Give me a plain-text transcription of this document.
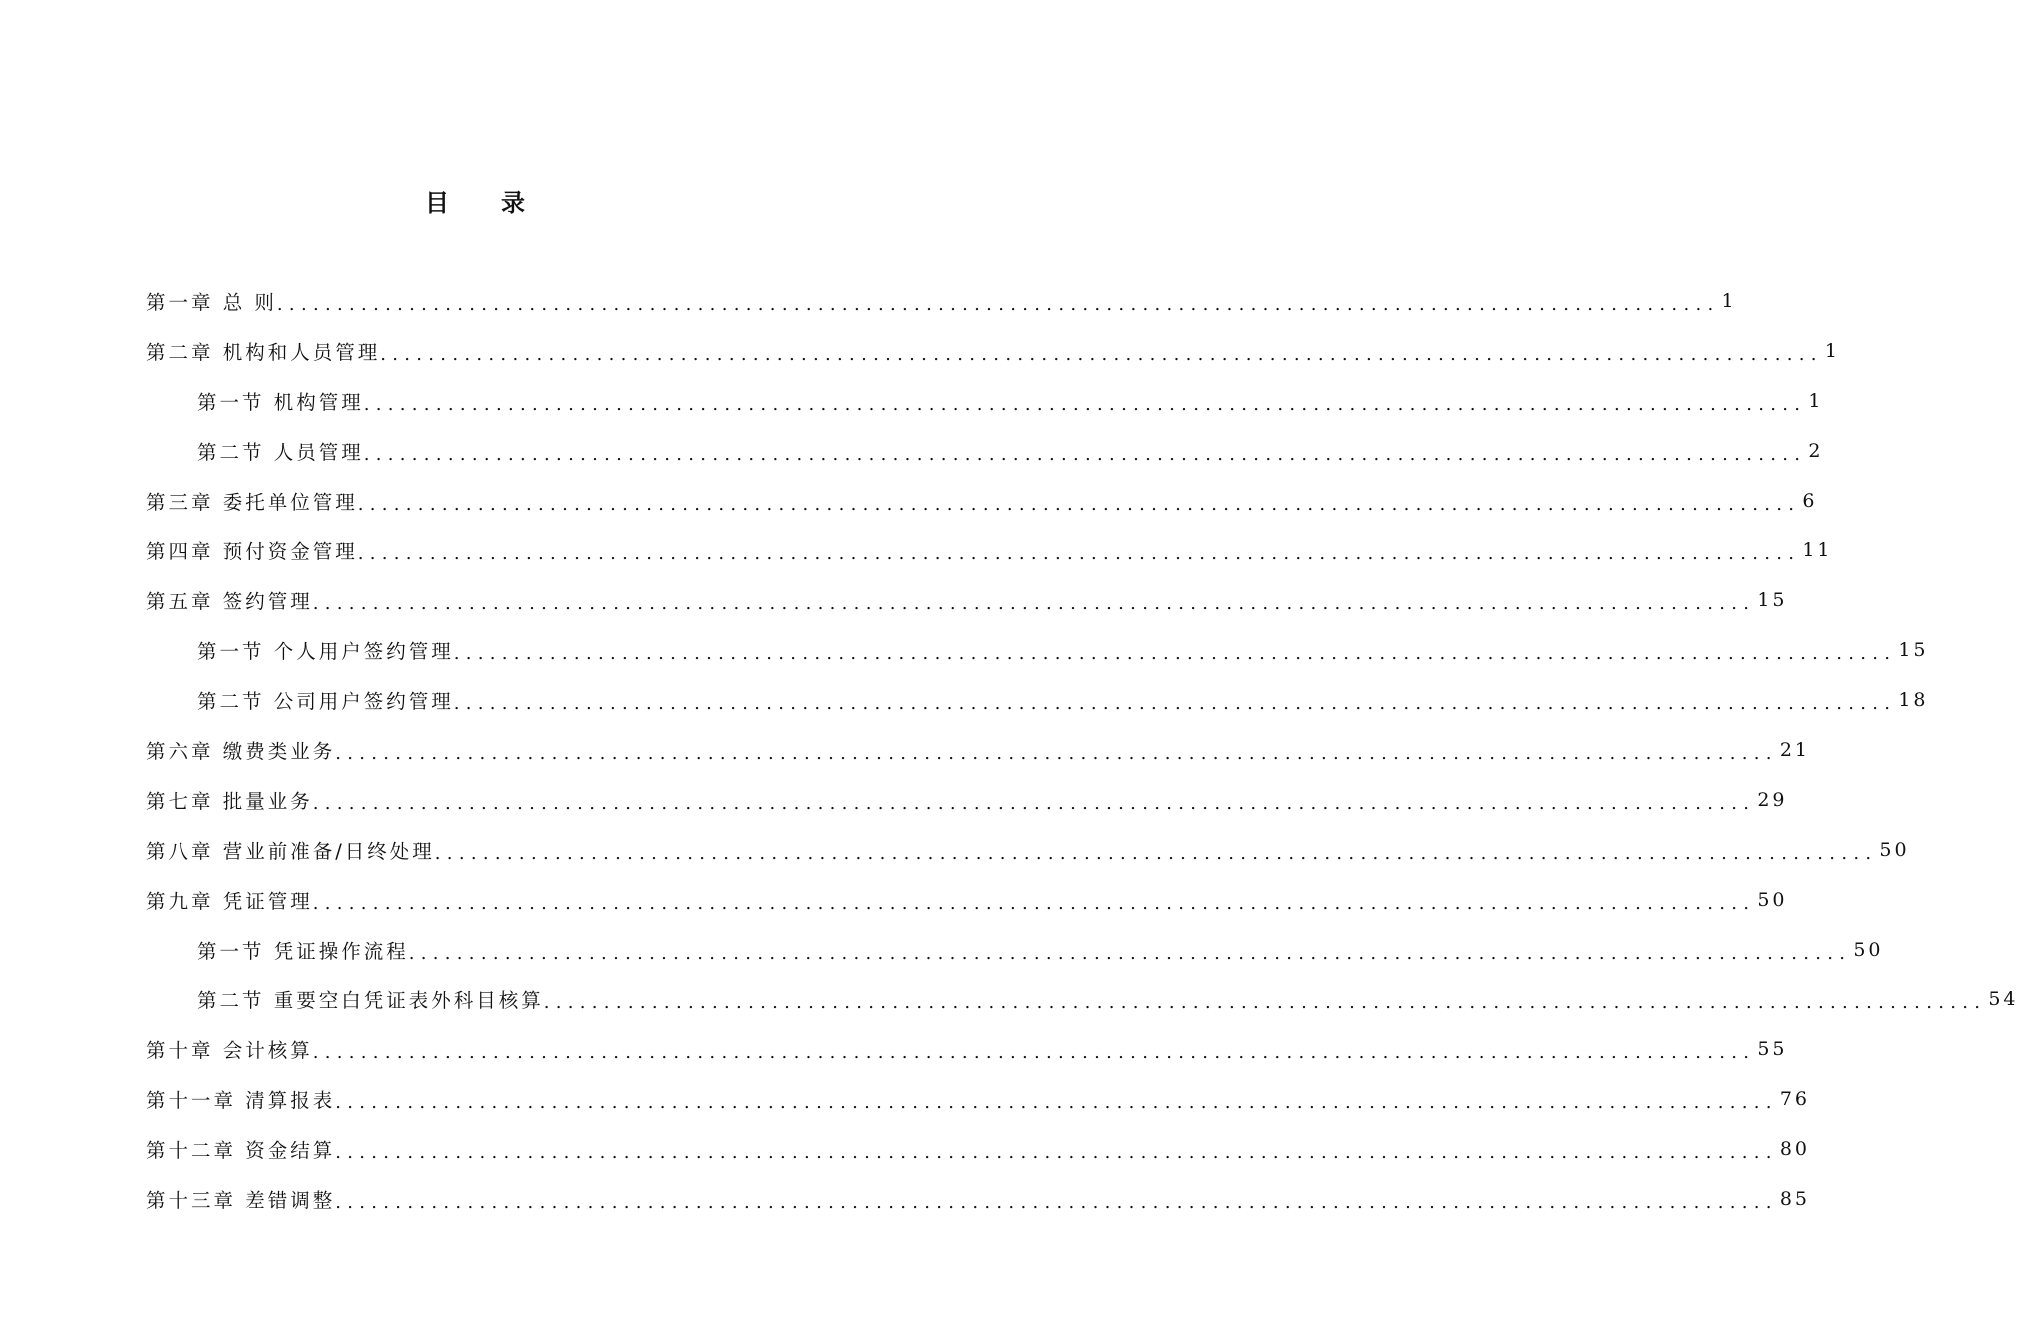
目　录
第一章 总 则 ........................................................................................................................ 1
第二章 机构和人员管理 ........................................................................................................................ 1
第一节 机构管理 ........................................................................................................................ 1
第二节 人员管理 ........................................................................................................................ 2
第三章 委托单位管理 ........................................................................................................................ 6
第四章 预付资金管理 ........................................................................................................................ 11
第五章 签约管理 ........................................................................................................................ 15
第一节 个人用户签约管理 ........................................................................................................................ 15
第二节 公司用户签约管理 ........................................................................................................................ 18
第六章 缴费类业务 ........................................................................................................................ 21
第七章 批量业务 ........................................................................................................................ 29
第八章 营业前准备/日终处理 ........................................................................................................................ 50
第九章 凭证管理 ........................................................................................................................ 50
第一节 凭证操作流程 ........................................................................................................................ 50
第二节 重要空白凭证表外科目核算 ........................................................................................................................ 54
第十章 会计核算 ........................................................................................................................ 55
第十一章 清算报表 ........................................................................................................................ 76
第十二章 资金结算 ........................................................................................................................ 80
第十三章 差错调整 ........................................................................................................................ 85
